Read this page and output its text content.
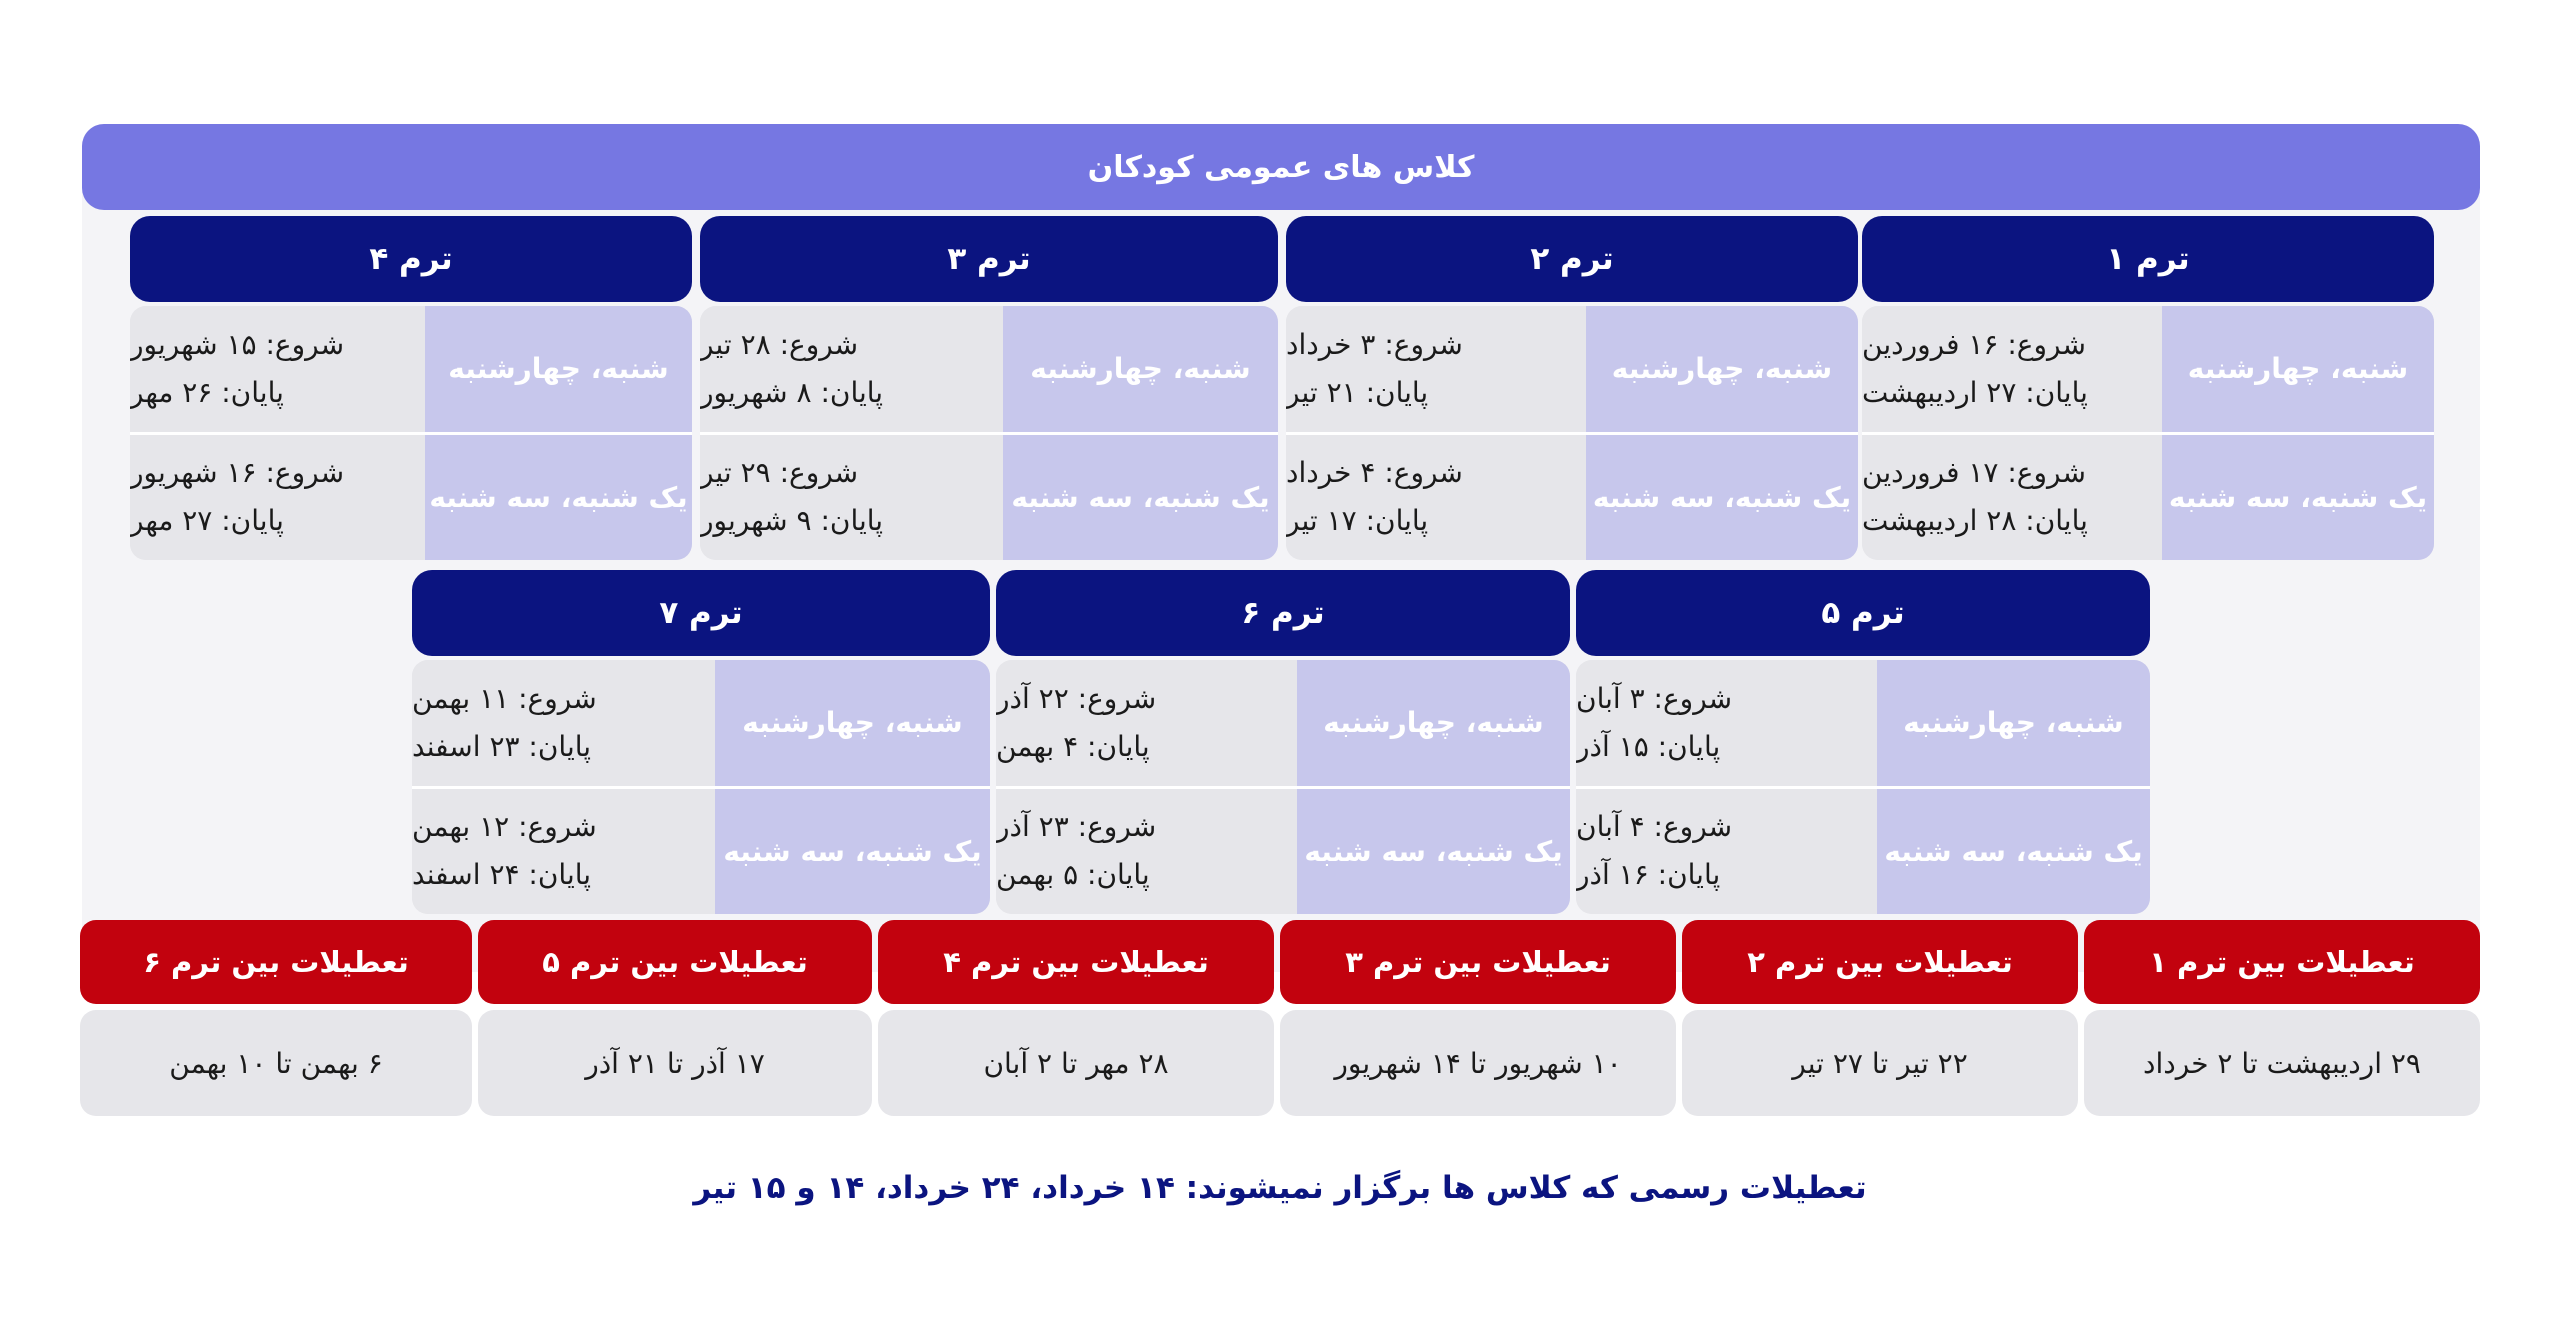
کلاس های عمومی کودکان
ترم ۱
شنبه، چهارشنبه
شروع: ۱۶ فروردین
پایان: ۲۷ اردیبهشت
یک شنبه، سه شنبه
شروع: ۱۷ فروردین
پایان: ۲۸ اردیبهشت
ترم ۲
شنبه، چهارشنبه
شروع: ۳ خرداد
پایان: ۲۱ تیر
یک شنبه، سه شنبه
شروع: ۴ خرداد
پایان: ۱۷ تیر
ترم ۳
شنبه، چهارشنبه
شروع: ۲۸ تیر
پایان: ۸ شهریور
یک شنبه، سه شنبه
شروع: ۲۹ تیر
پایان: ۹ شهریور
ترم ۴
شنبه، چهارشنبه
شروع: ۱۵ شهریور
پایان: ۲۶ مهر
یک شنبه، سه شنبه
شروع: ۱۶ شهریور
پایان: ۲۷ مهر
ترم ۵
شنبه، چهارشنبه
شروع: ۳ آبان
پایان: ۱۵ آذر
یک شنبه، سه شنبه
شروع: ۴ آبان
پایان: ۱۶ آذر
ترم ۶
شنبه، چهارشنبه
شروع: ۲۲ آذر
پایان: ۴ بهمن
یک شنبه، سه شنبه
شروع: ۲۳ آذر
پایان: ۵ بهمن
ترم ۷
شنبه، چهارشنبه
شروع: ۱۱ بهمن
پایان: ۲۳ اسفند
یک شنبه، سه شنبه
شروع: ۱۲ بهمن
پایان: ۲۴ اسفند
تعطیلات بین ترم ۱
۲۹ اردیبهشت تا ۲ خرداد
تعطیلات بین ترم ۲
۲۲ تیر تا ۲۷ تیر
تعطیلات بین ترم ۳
۱۰ شهریور تا ۱۴ شهریور
تعطیلات بین ترم ۴
۲۸ مهر تا ۲ آبان
تعطیلات بین ترم ۵
۱۷ آذر تا ۲۱ آذر
تعطیلات بین ترم ۶
۶ بهمن تا ۱۰ بهمن
تعطیلات رسمی که کلاس ها برگزار نمیشوند: ۱۴ خرداد، ۲۴ خرداد، ۱۴ و ۱۵ تیر
